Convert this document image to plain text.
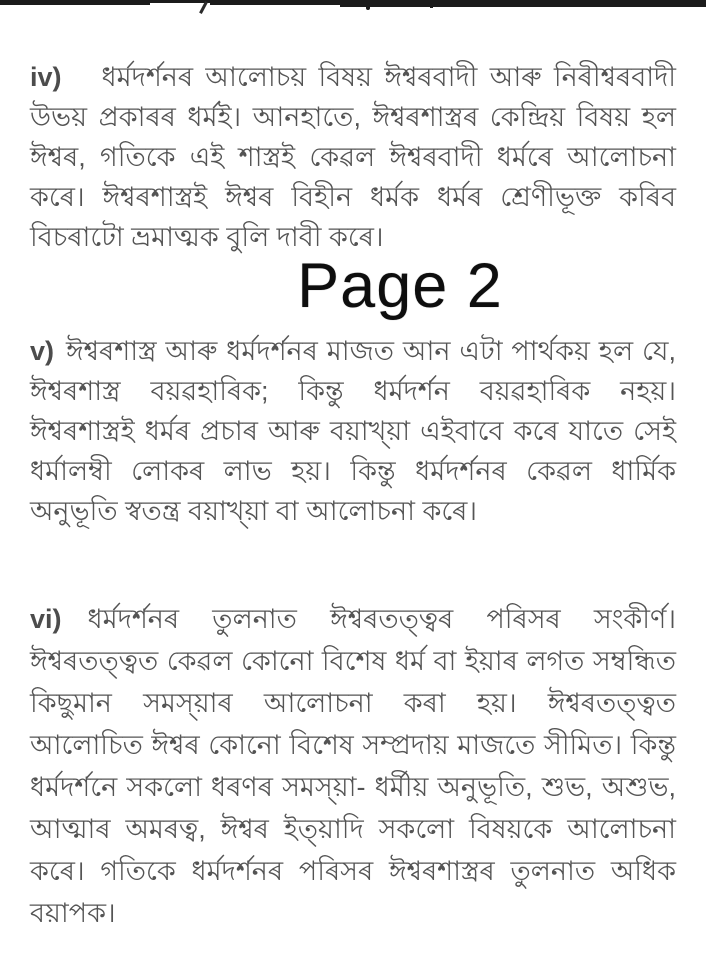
iv) ধৰ্মদৰ্শনৰ আলোচয় বিষয় ঈশ্বৰবাদী আৰু নিৰীশ্বৰবাদী উভয় প্ৰকাৰৰ ধৰ্মই। আনহাতে, ঈশ্বৰশাস্ত্ৰৰ কেন্দ্ৰিয় বিষয় হল ঈশ্বৰ, গতিকে এই শাস্ত্ৰই কেৱল ঈশ্বৰবাদী ধৰ্মৰে আলোচনা কৰে। ঈশ্বৰশাস্ত্ৰই ঈশ্বৰ বিহীন ধৰ্মক ধৰ্মৰ শ্ৰেণীভূক্ত কৰিব বিচৰাটো ভ্ৰমাত্মক বুলি দাবী কৰে।

Page 2

v) ঈশ্বৰশাস্ত্ৰ আৰু ধৰ্মদৰ্শনৰ মাজত আন এটা পাৰ্থকয় হল যে, ঈশ্বৰশাস্ত্ৰ বয়ৱহাৰিক; কিন্তু ধৰ্মদৰ্শন বয়ৱহাৰিক নহয়। ঈশ্বৰশাস্ত্ৰই ধৰ্মৰ প্ৰচাৰ আৰু বয়াখ্য়া এইবাবে কৰে যাতে সেই ধৰ্মালম্বী লোকৰ লাভ হয়। কিন্তু ধৰ্মদৰ্শনৰ কেৱল ধাৰ্মিক অনুভূতি স্বতন্ত্ৰ বয়াখ্য়া বা আলোচনা কৰে।

vi) ধৰ্মদৰ্শনৰ তুলনাত ঈশ্বৰতত্ত্বৰ পৰিসৰ সংকীৰ্ণ। ঈশ্বৰতত্ত্বত কেৱল কোনো বিশেষ ধৰ্ম বা ইয়াৰ লগত সম্বন্ধিত কিছুমান সমস্য়াৰ আলোচনা কৰা হয়। ঈশ্বৰতত্ত্বত আলোচিত ঈশ্বৰ কোনো বিশেষ সম্প্ৰদায় মাজতে সীমিত। কিন্তু ধৰ্মদৰ্শনে সকলো ধৰণৰ সমস্য়া- ধৰ্মীয় অনুভূতি, শুভ, অশুভ, আত্মাৰ অমৰত্ব, ঈশ্বৰ ইত্য়াদি সকলো বিষয়কে আলোচনা কৰে। গতিকে ধৰ্মদৰ্শনৰ পৰিসৰ ঈশ্বৰশাস্ত্ৰৰ তুলনাত অধিক বয়াপক।
